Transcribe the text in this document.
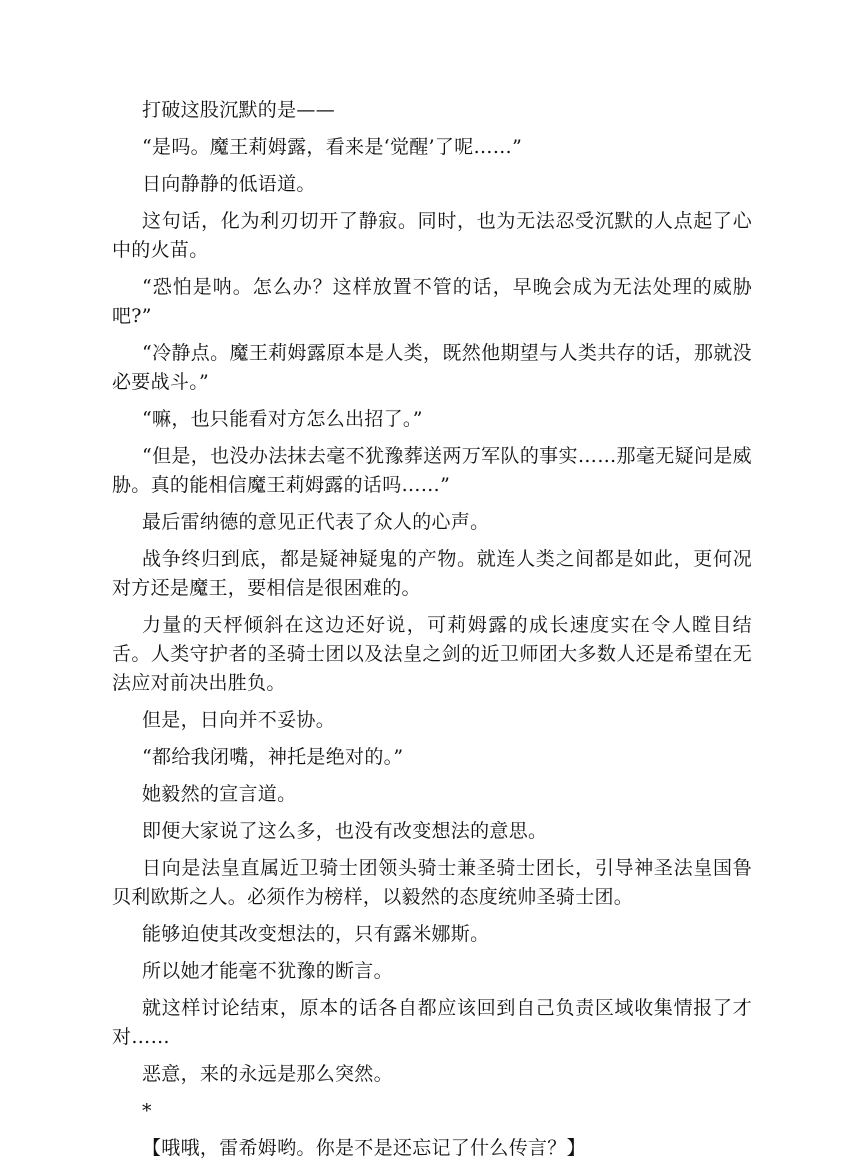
打破这股沉默的是——

“是吗。魔王莉姆露，看来是‘觉醒’了呢……”

日向静静的低语道。

这句话，化为利刃切开了静寂。同时，也为无法忍受沉默的人点起了心中的火苗。

“恐怕是呐。怎么办？这样放置不管的话，早晚会成为无法处理的威胁吧?”

“冷静点。魔王莉姆露原本是人类，既然他期望与人类共存的话，那就没必要战斗。”

“嘛，也只能看对方怎么出招了。”

“但是，也没办法抹去毫不犹豫葬送两万军队的事实……那毫无疑问是威胁。真的能相信魔王莉姆露的话吗……”

最后雷纳德的意见正代表了众人的心声。

战争终归到底，都是疑神疑鬼的产物。就连人类之间都是如此，更何况对方还是魔王，要相信是很困难的。

力量的天枰倾斜在这边还好说，可莉姆露的成长速度实在令人瞠目结舌。人类守护者的圣骑士团以及法皇之剑的近卫师团大多数人还是希望在无法应对前决出胜负。

但是，日向并不妥协。

“都给我闭嘴，神托是绝对的。”

她毅然的宣言道。

即便大家说了这么多，也没有改变想法的意思。

日向是法皇直属近卫骑士团领头骑士兼圣骑士团长，引导神圣法皇国鲁贝利欧斯之人。必须作为榜样，以毅然的态度统帅圣骑士团。

能够迫使其改变想法的，只有露米娜斯。

所以她才能毫不犹豫的断言。

就这样讨论结束，原本的话各自都应该回到自己负责区域收集情报了才对……

恶意，来的永远是那么突然。

*

【哦哦，雷希姆哟。你是不是还忘记了什么传言？】
